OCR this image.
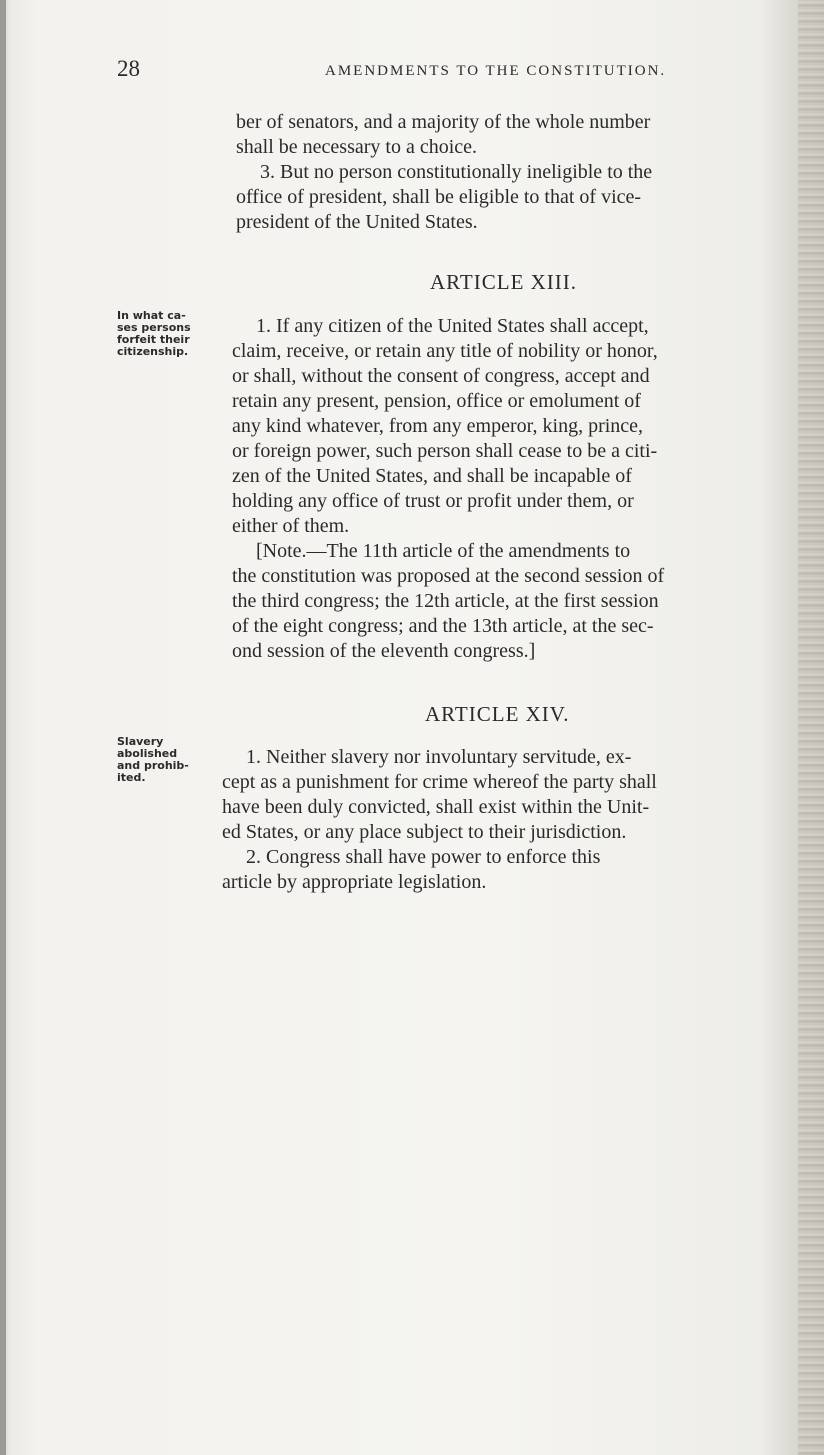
28	AMENDMENTS TO THE CONSTITUTION.
ber of senators, and a majority of the whole number
shall be necessary to a choice.
3. But no person constitutionally ineligible to the
office of president, shall be eligible to that of vice-
president of the United States.
ARTICLE XIII.
In what ca-
ses persons
forfeit their
citizenship.
1. If any citizen of the United States shall accept,
claim, receive, or retain any title of nobility or honor,
or shall, without the consent of congress, accept and
retain any present, pension, office or emolument of
any kind whatever, from any emperor, king, prince,
or foreign power, such person shall cease to be a citi-
zen of the United States, and shall be incapable of
holding any office of trust or profit under them, or
either of them.
[Note.—The 11th article of the amendments to
the constitution was proposed at the second session of
the third congress; the 12th article, at the first session
of the eight congress; and the 13th article, at the sec-
ond session of the eleventh congress.]
ARTICLE XIV.
Slavery
abolished
and prohib-
ited.
1. Neither slavery nor involuntary servitude, ex-
cept as a punishment for crime whereof the party shall
have been duly convicted, shall exist within the Unit-
ed States, or any place subject to their jurisdiction.
2. Congress shall have power to enforce this
article by appropriate legislation.
